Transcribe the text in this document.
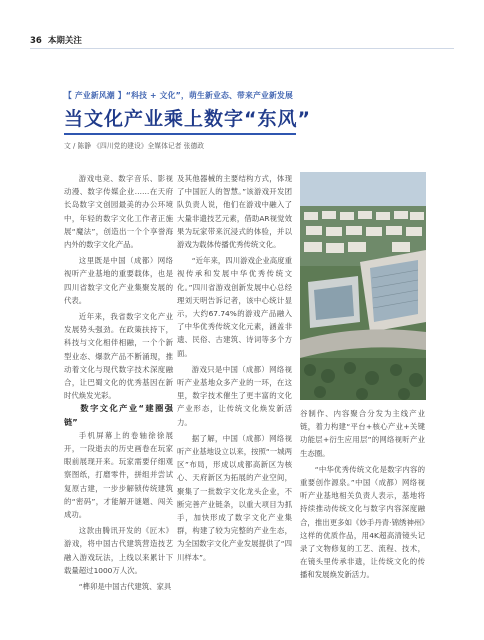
36 本期关注
【 产业新风潮 】“科技 + 文化”，萌生新业态、带来产业新发展
当文化产业乘上数字“东风”
文 / 陈静 《四川党的建设》全媒体记者 张德政

游戏电竞、数字音乐、影视动漫、数字传媒企业……在天府长岛数字文创园最美的办公环境中，年轻的数字文化工作者正施展“魔法”，创造出一个个享誉海内外的数字文化产品。

这里既是中国（成都）网络视听产业基地的重要载体，也是四川省数字文化产业集聚发展的代表。

近年来，我省数字文化产业发展势头强劲。在政策扶持下，科技与文化相伴相融，一个个新型业态、爆款产品不断涌现，推动着文化与现代数字技术深度融合，让巴蜀文化的优秀基因在新时代焕发光彩。

数字文化产业“建圈强链”

手机屏幕上的卷轴徐徐展开，一段逝去的历史画卷在玩家眼前展现开来。玩家需要仔细观察图纸，打磨零件，拼组并尝试复原古建，一步步解锁传统建筑的“密码”，才能解开谜题、闯关成功。

这款由腾讯开发的《匠木》游戏，将中国古代建筑营造技艺融入游戏玩法，上线以来累计下载量超过1000万人次。

“榫卯是中国古代建筑、家具

及其他器械的主要结构方式，体现了中国匠人的智慧。”该游戏开发团队负责人说，他们在游戏中融入了大量非遗技艺元素，借助AR视觉效果为玩家带来沉浸式的体验，并以游戏为载体传播优秀传统文化。

“近年来，四川游戏企业高度重视传承和发展中华优秀传统文化。”四川省游戏创新发展中心总经理刘天明告诉记者，该中心统计显示，大约67.74%的游戏产品融入了中华优秀传统文化元素，涵盖非遗、民俗、古建筑、诗词等多个方面。

游戏只是中国（成都）网络视听产业基地众多产业的一环，在这里，数字技术催生了更丰富的文化产业形态，让传统文化焕发新活力。

据了解，中国（成都）网络视听产业基地设立以来，按照“一城两区”布局，形成以成都高新区为核心、天府新区为拓展的产业空间，聚集了一批数字文化龙头企业，不断完善产业链条，以重大项目为抓手，加快形成了数字文化产业集群，构建了较为完整的产业生态，为全国数字文化产业发展提供了“四川样本”。

谷制作、内容聚合分发为主线产业链，着力构建“平台+核心产业+关键功能层+衍生应用层”的网络视听产业生态圈。

“中华优秀传统文化是数字内容的重要创作源泉。”中国（成都）网络视听产业基地相关负责人表示，基地将持续推动传统文化与数字内容深度融合，推出更多如《妙手丹青·锦绣神州》这样的优质作品，用4K超高清镜头记录了文物修复的工艺、流程、技术，在镜头里传承非遗，让传统文化的传播和发展焕发新活力。
